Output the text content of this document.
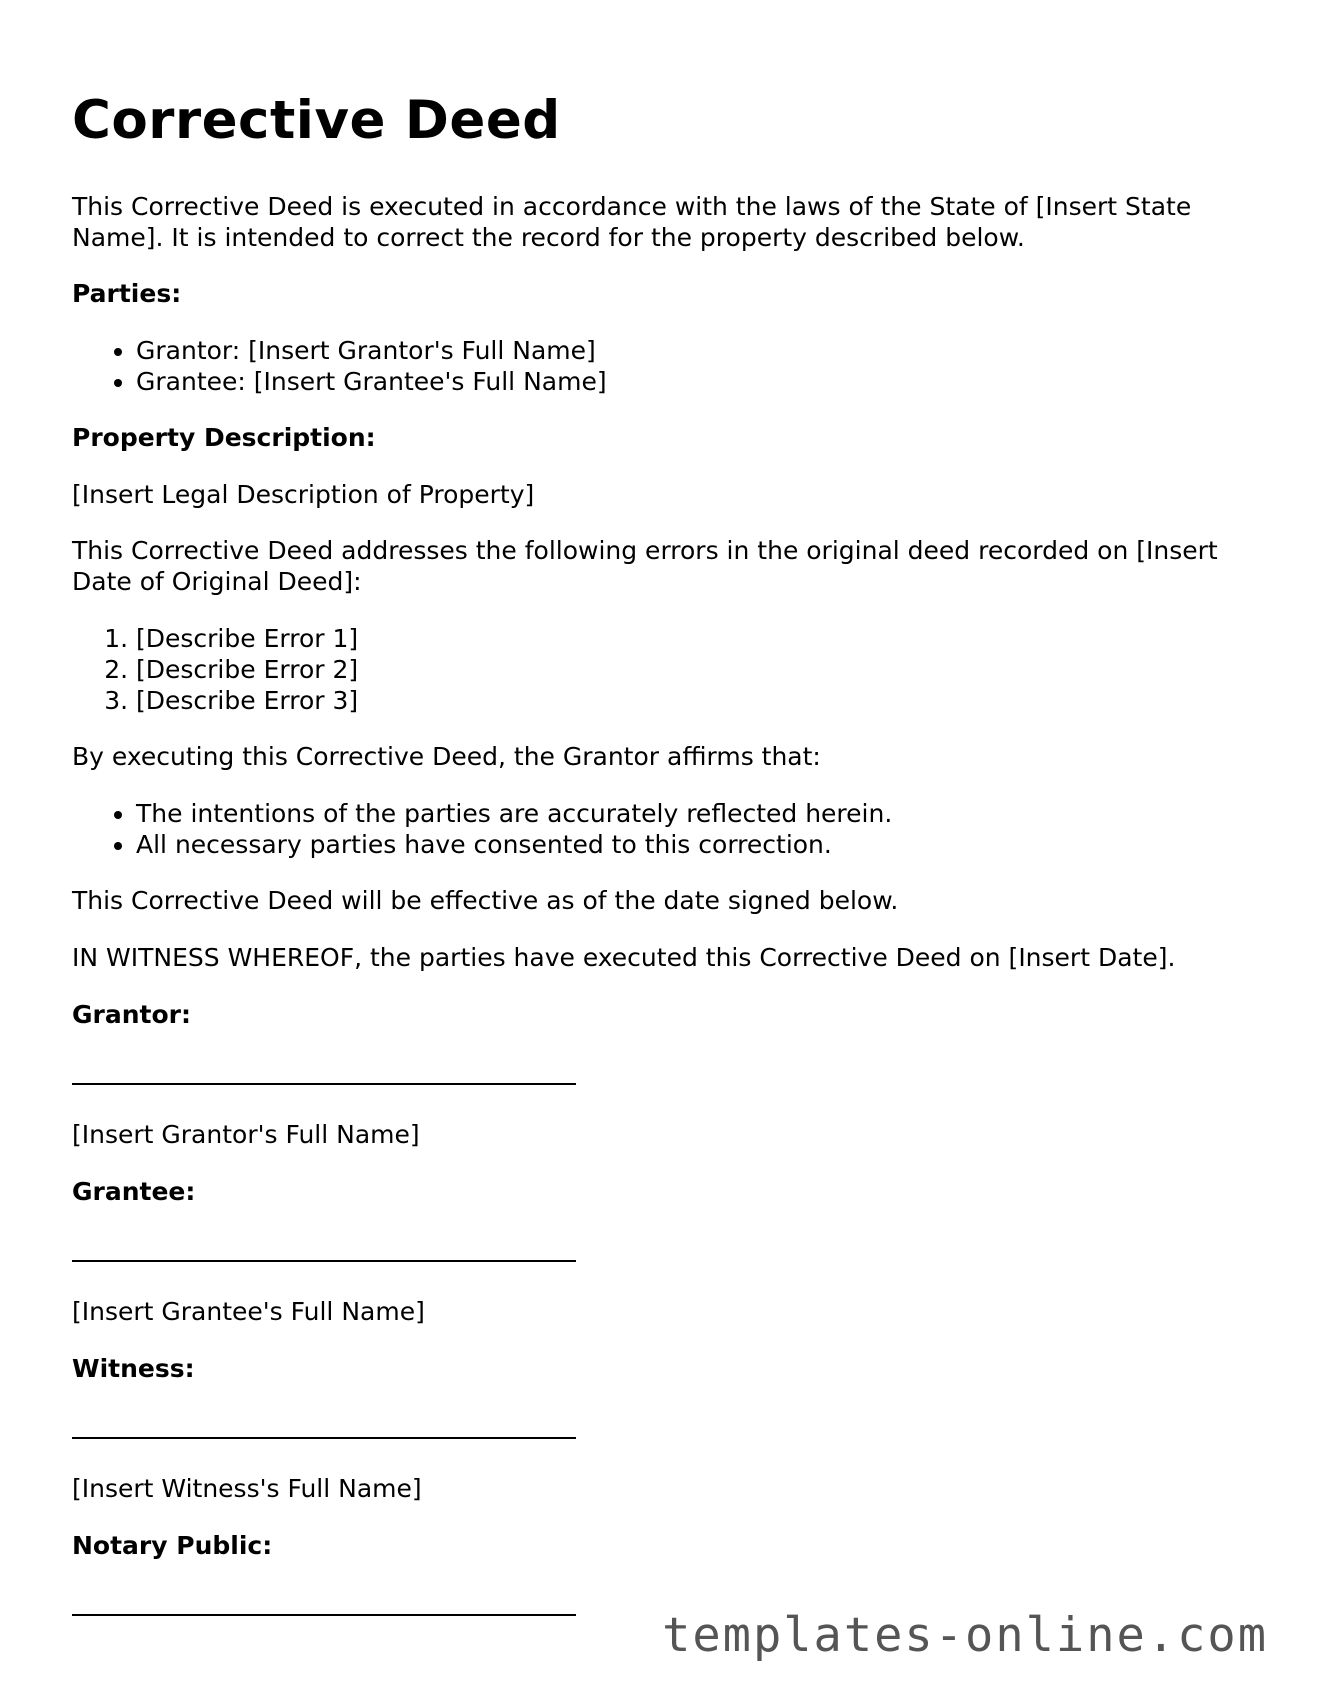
Corrective Deed

This Corrective Deed is executed in accordance with the laws of the State of [Insert State Name]. It is intended to correct the record for the property described below.

Parties:

• Grantor: [Insert Grantor's Full Name]
• Grantee: [Insert Grantee's Full Name]

Property Description:

[Insert Legal Description of Property]

This Corrective Deed addresses the following errors in the original deed recorded on [Insert Date of Original Deed]:

1. [Describe Error 1]
2. [Describe Error 2]
3. [Describe Error 3]

By executing this Corrective Deed, the Grantor affirms that:

• The intentions of the parties are accurately reflected herein.
• All necessary parties have consented to this correction.

This Corrective Deed will be effective as of the date signed below.

IN WITNESS WHEREOF, the parties have executed this Corrective Deed on [Insert Date].

Grantor:

[Insert Grantor's Full Name]

Grantee:

[Insert Grantee's Full Name]

Witness:

[Insert Witness's Full Name]

Notary Public:

templates-online.com
